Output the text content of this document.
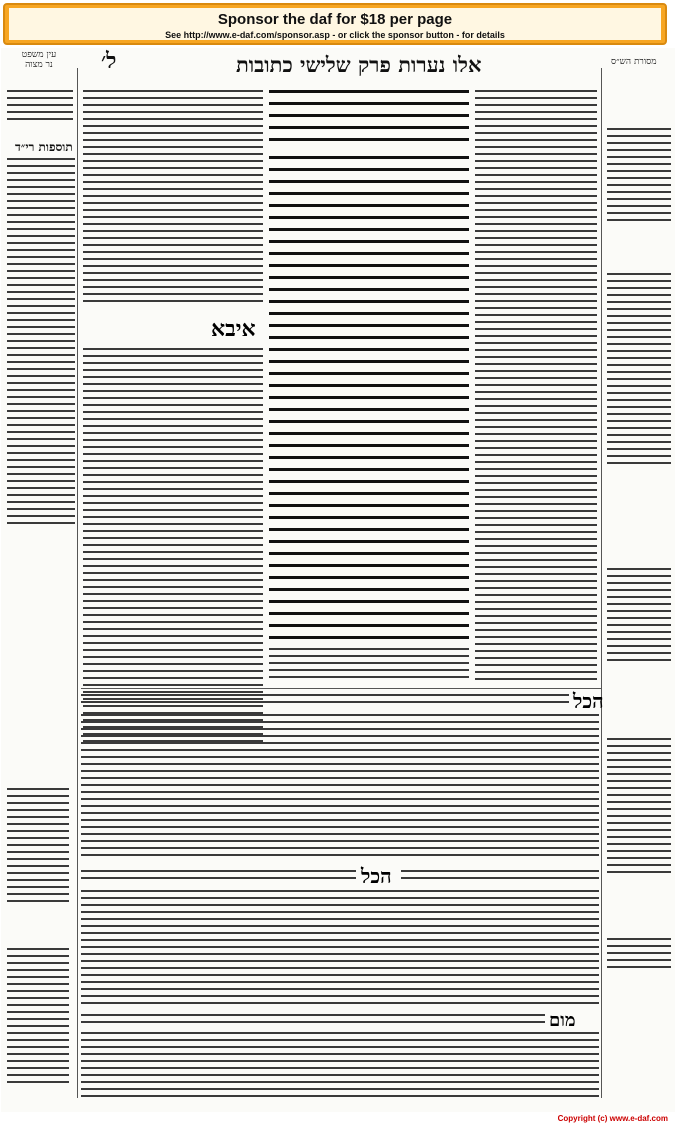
Sponsor the daf for $18 per page
See http://www.e-daf.com/sponsor.asp - or click the sponsor button - for details
עין משפט
נר מצוה	ל׳	אלו נערות פרק שלישי כתובות	מסורת הש״ס
תוספות רי״ד
איבא
הכל
הכל
מום
Copyright (c) www.e-daf.com
